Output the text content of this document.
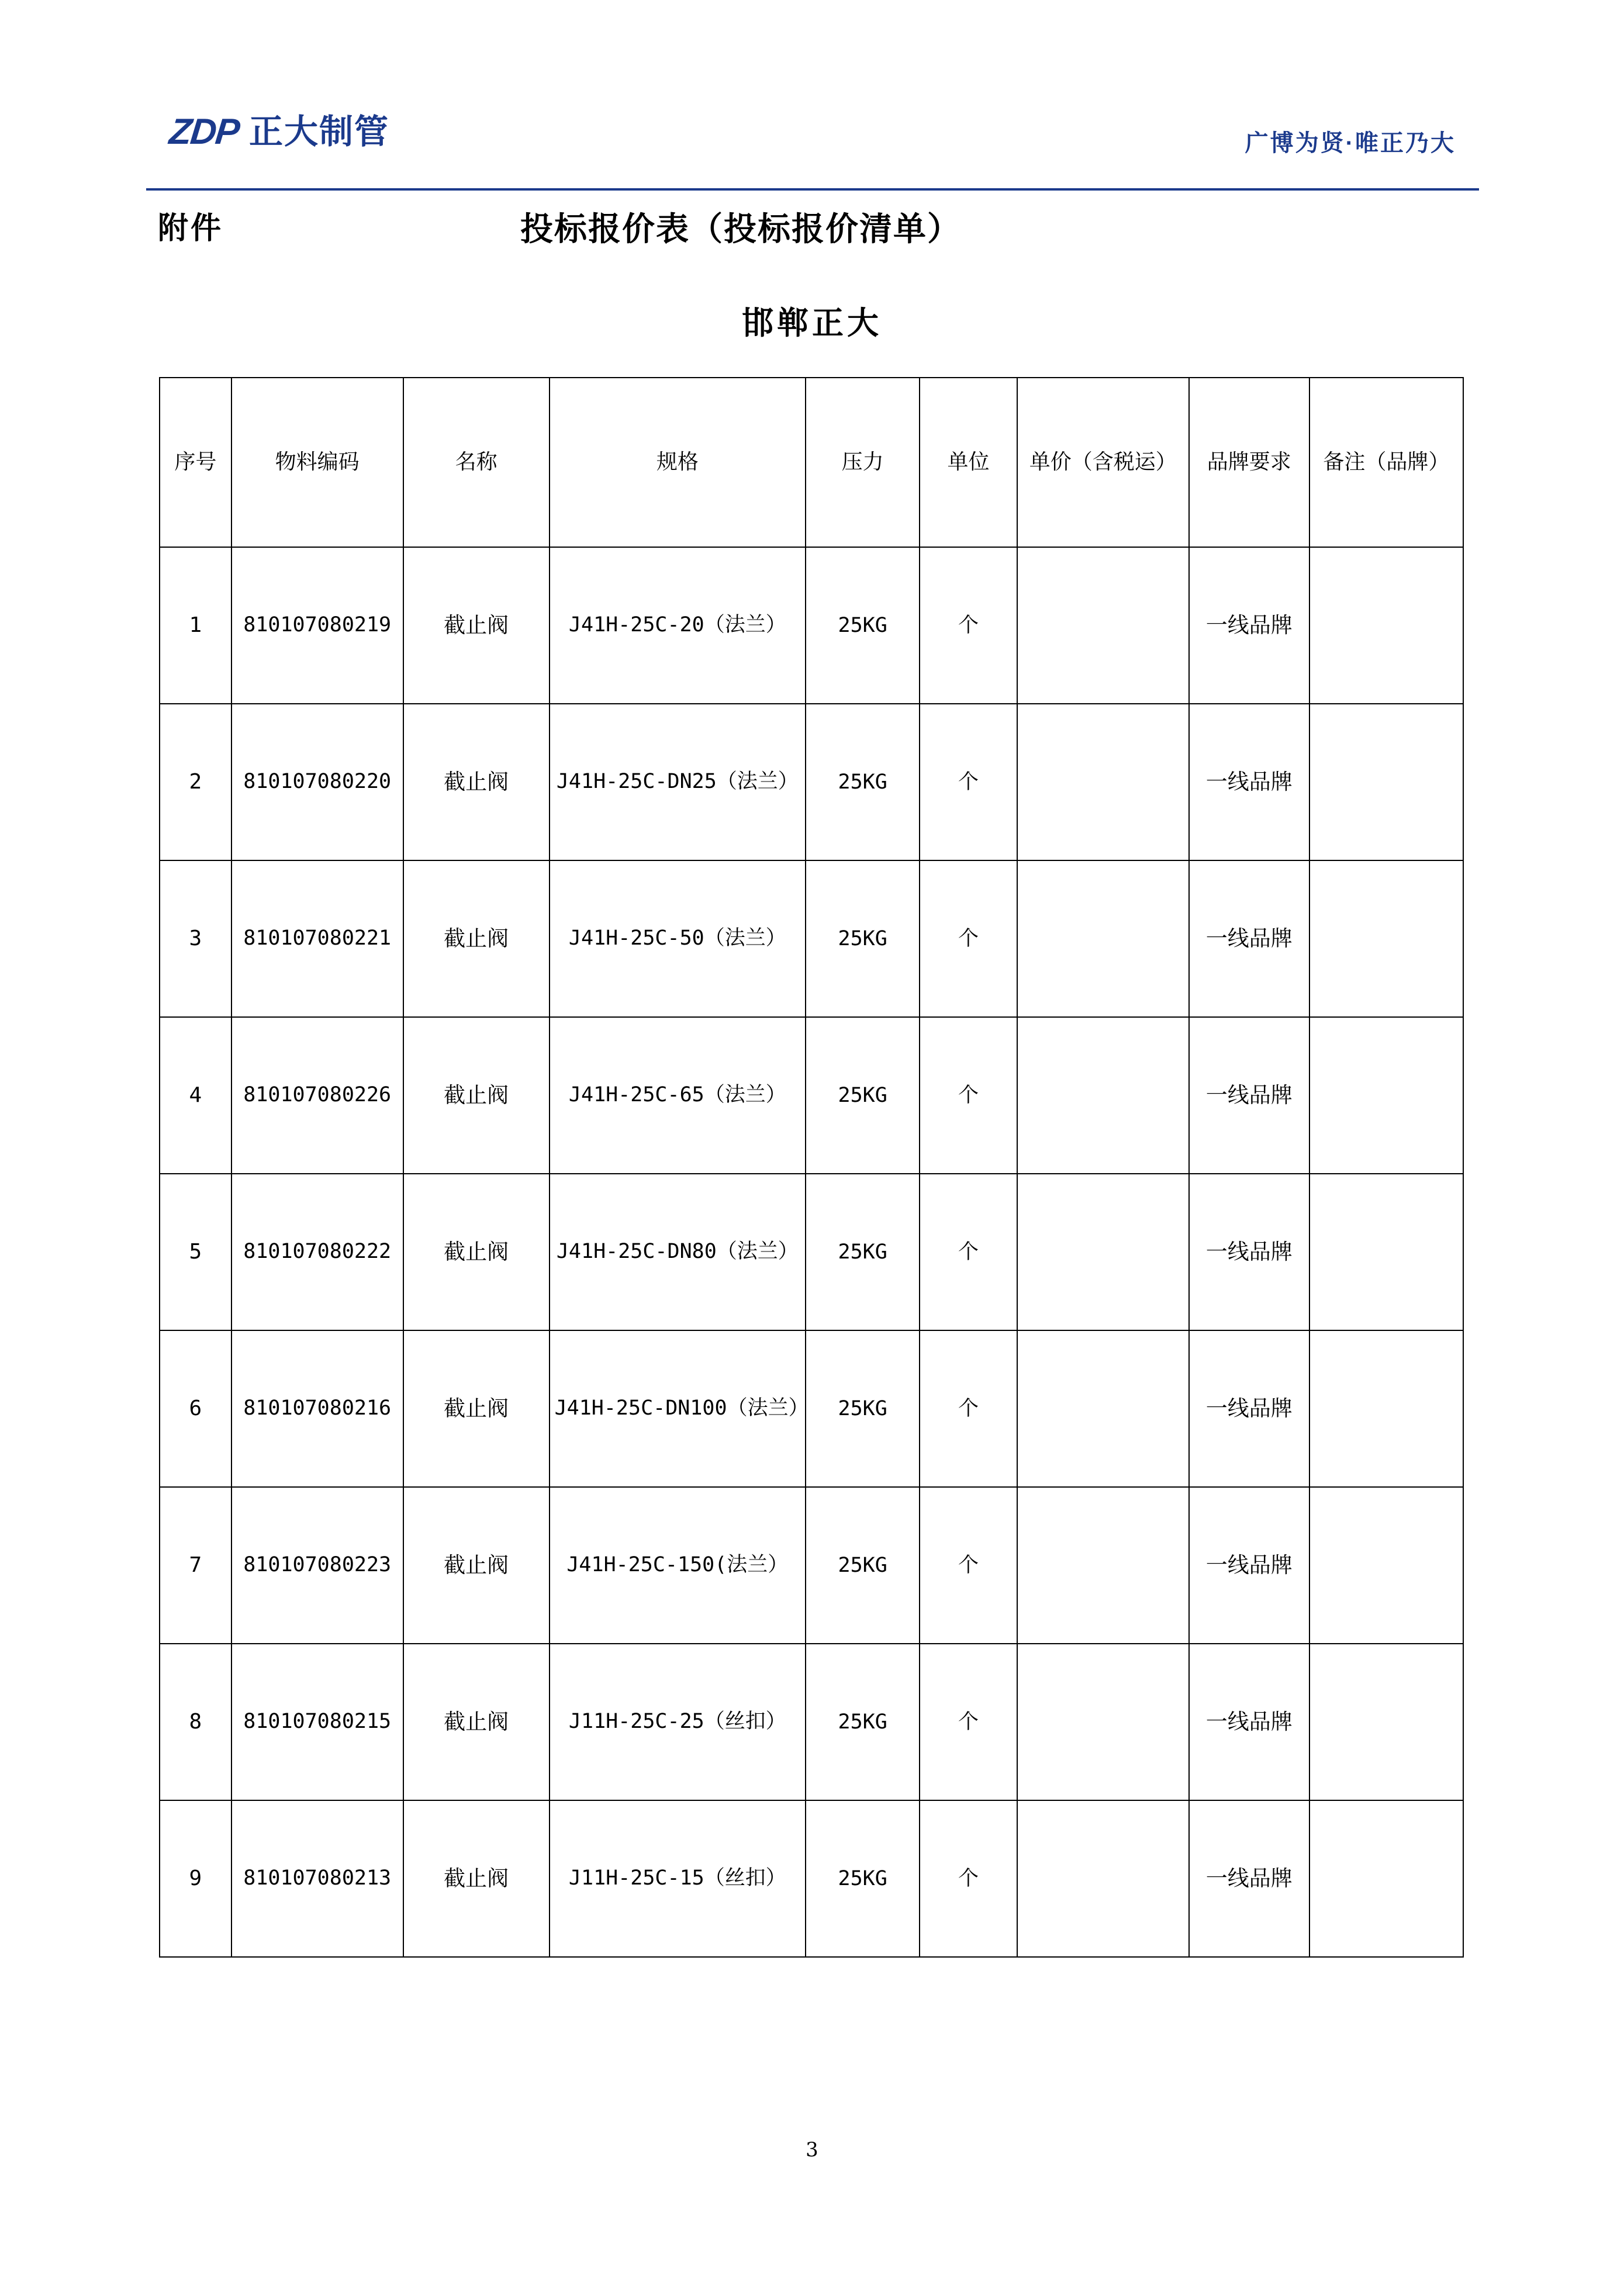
ZDP 正大制管	广博为贤·唯正乃大
附件	投标报价表（投标报价清单）
邯郸正大
序号	物料编码	名称	规格	压力	单位	单价（含税运）	品牌要求	备注（品牌）
1	810107080219	截止阀	J41H-25C-20（法兰）	25KG	个		一线品牌	
2	810107080220	截止阀	J41H-25C-DN25（法兰）	25KG	个		一线品牌	
3	810107080221	截止阀	J41H-25C-50（法兰）	25KG	个		一线品牌	
4	810107080226	截止阀	J41H-25C-65（法兰）	25KG	个		一线品牌	
5	810107080222	截止阀	J41H-25C-DN80（法兰）	25KG	个		一线品牌	
6	810107080216	截止阀	J41H-25C-DN100（法兰）	25KG	个		一线品牌	
7	810107080223	截止阀	J41H-25C-150(法兰）	25KG	个		一线品牌	
8	810107080215	截止阀	J11H-25C-25（丝扣）	25KG	个		一线品牌	
9	810107080213	截止阀	J11H-25C-15（丝扣）	25KG	个		一线品牌	
3
